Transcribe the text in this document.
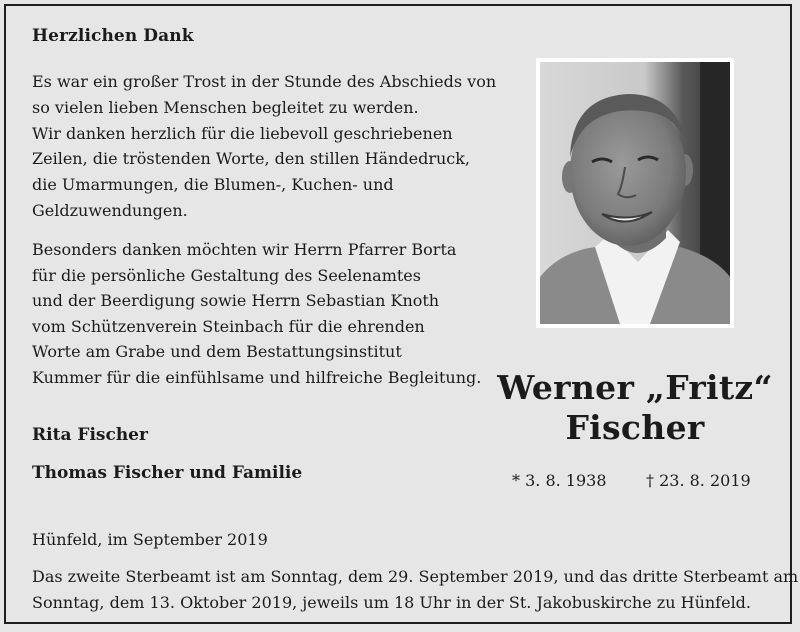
Herzlichen Dank
Es war ein großer Trost in der Stunde des Abschieds von
so vielen lieben Menschen begleitet zu werden.
Wir danken herzlich für die liebevoll geschriebenen
Zeilen, die tröstenden Worte, den stillen Händedruck,
die Umarmungen, die Blumen-, Kuchen- und
Geldzuwendungen.
Besonders danken möchten wir Herrn Pfarrer Borta
für die persönliche Gestaltung des Seelenamtes
und der Beerdigung sowie Herrn Sebastian Knoth
vom Schützenverein Steinbach für die ehrenden
Worte am Grabe und dem Bestattungsinstitut
Kummer für die einfühlsame und hilfreiche Begleitung.
Rita Fischer
Thomas Fischer und Familie
Hünfeld, im September 2019
Das zweite Sterbeamt ist am Sonntag, dem 29. September 2019, und das dritte Sterbeamt am
Sonntag, dem 13. Oktober 2019, jeweils um 18 Uhr in der St. Jakobuskirche zu Hünfeld.
Werner „Fritz“
Fischer
* 3. 8. 1938 † 23. 8. 2019
